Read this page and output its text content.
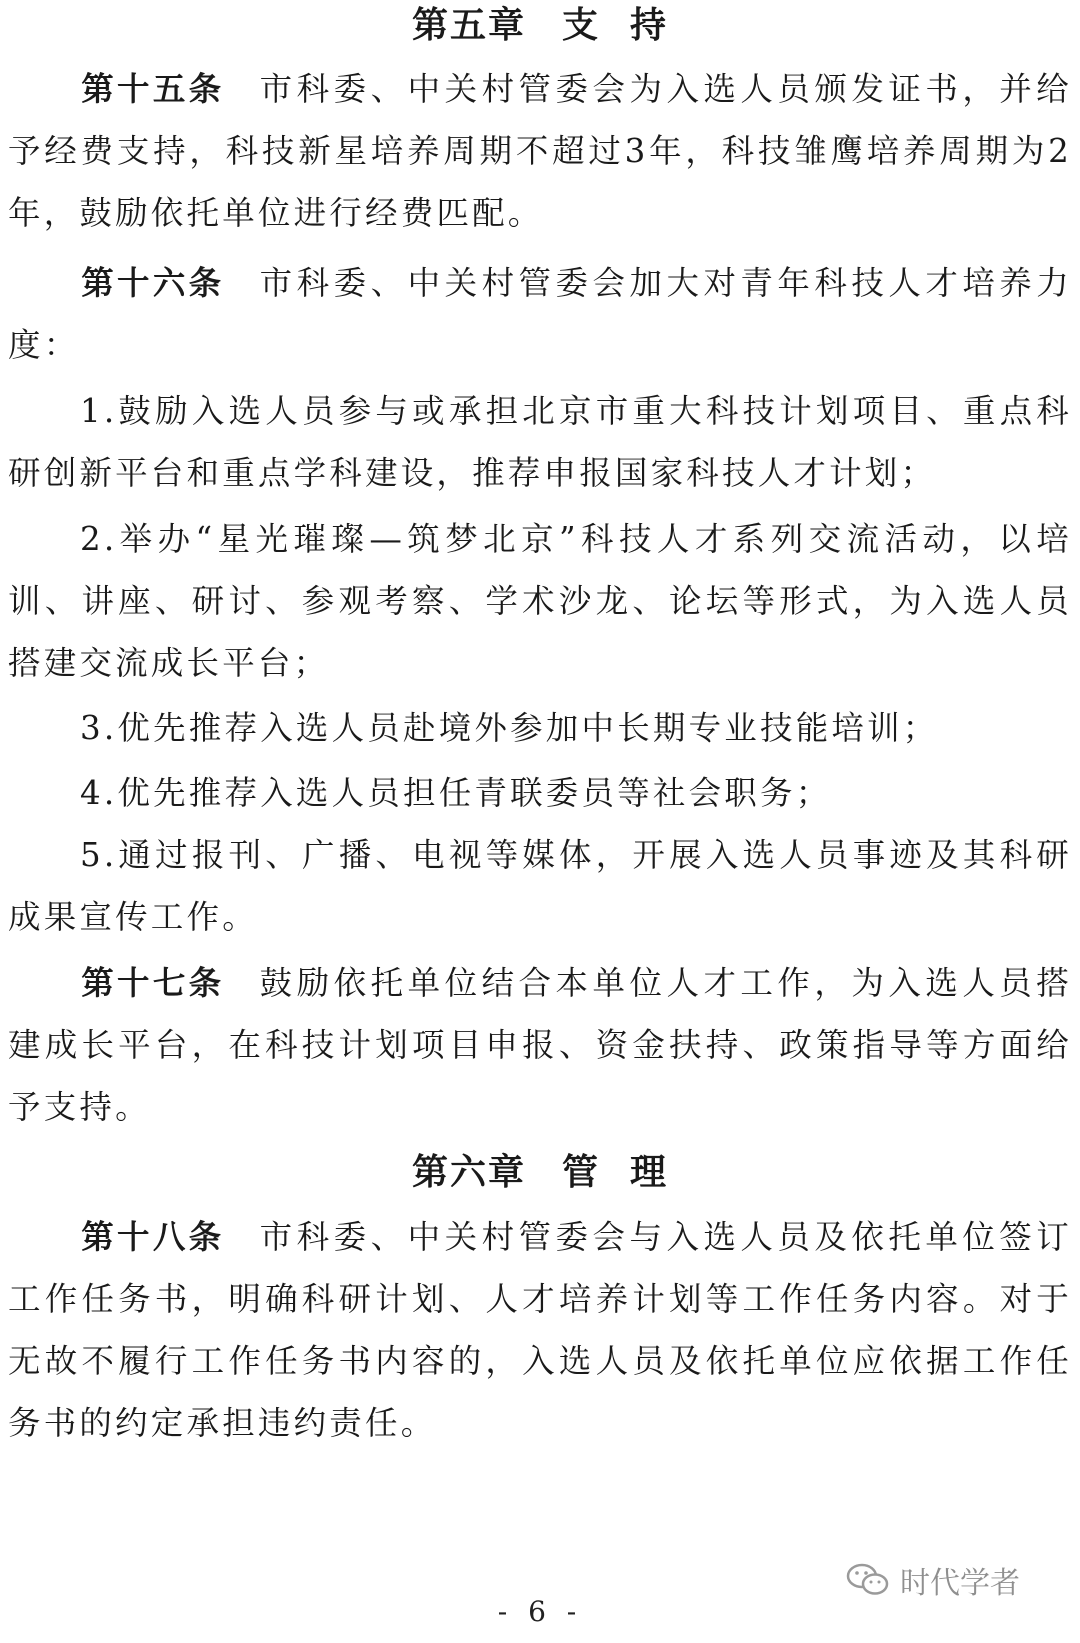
第五章 支 持
第十五条 市科委、中关村管委会为入选人员颁发证书，并给予经费支持，科技新星培养周期不超过3年，科技雏鹰培养周期为2年，鼓励依托单位进行经费匹配。
第十六条 市科委、中关村管委会加大对青年科技人才培养力度：
1.鼓励入选人员参与或承担北京市重大科技计划项目、重点科研创新平台和重点学科建设，推荐申报国家科技人才计划；
2.举办“星光璀璨—筑梦北京”科技人才系列交流活动，以培训、讲座、研讨、参观考察、学术沙龙、论坛等形式，为入选人员搭建交流成长平台；
3.优先推荐入选人员赴境外参加中长期专业技能培训；
4.优先推荐入选人员担任青联委员等社会职务；
5.通过报刊、广播、电视等媒体，开展入选人员事迹及其科研成果宣传工作。
第十七条 鼓励依托单位结合本单位人才工作，为入选人员搭建成长平台，在科技计划项目申报、资金扶持、政策指导等方面给予支持。
第六章 管 理
第十八条 市科委、中关村管委会与入选人员及依托单位签订工作任务书，明确科研计划、人才培养计划等工作任务内容。对于无故不履行工作任务书内容的，入选人员及依托单位应依据工作任务书的约定承担违约责任。
时代学者
- 6 -
